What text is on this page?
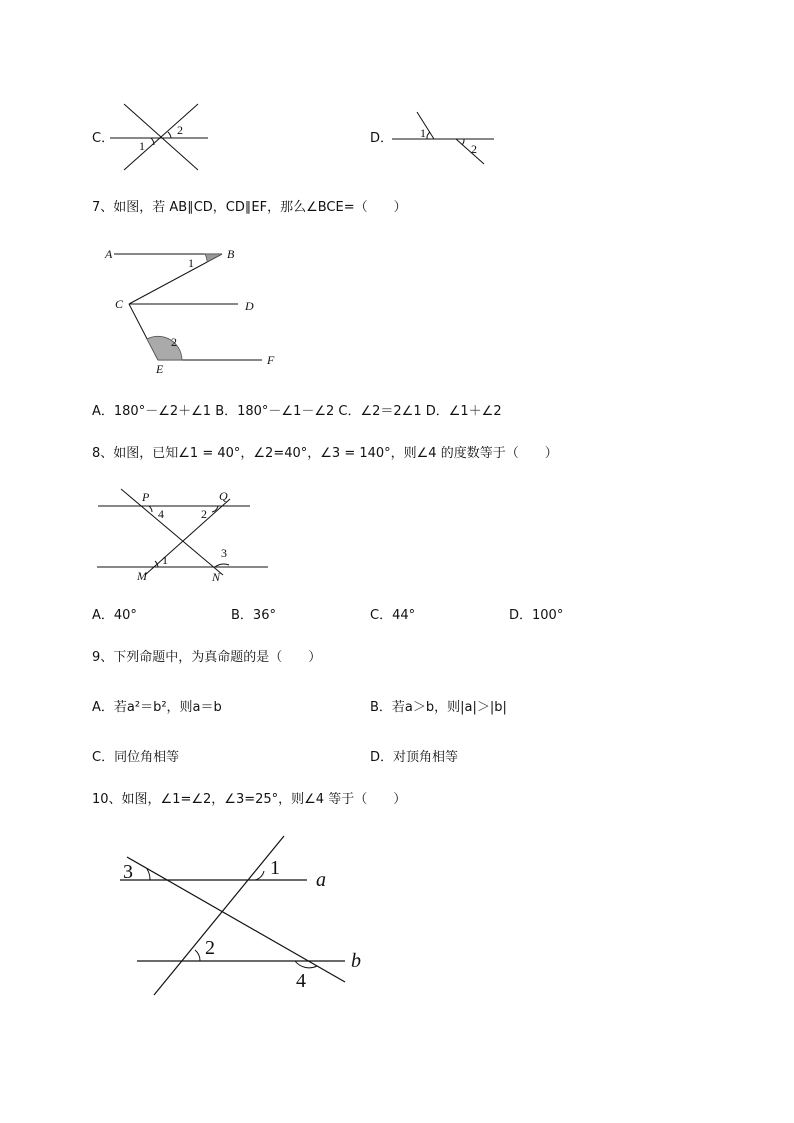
C． 1
2
D． 1
2
7、如图，若 AB∥CD，CD∥EF，那么∠BCE=（　　）
A	B
C	D
E
F
1
2
A．180°－∠2＋∠1 B．180°－∠1－∠2 C．∠2＝2∠1 D．∠1＋∠2
8、如图，已知∠1 = 40°，∠2=40°，∠3 = 140°，则∠4 的度数等于（　　）
P	Q
M	N
1
2
3
4
A．40°	B．36°	C．44°	D．100°
9、下列命题中，为真命题的是（　　）
A．若a²＝b²，则a＝b	B．若a＞b，则|a|＞|b|
C．同位角相等	D．对顶角相等
10、如图，∠1=∠2，∠3=25°，则∠4 等于（　　）
3	1
2
4
a
b
